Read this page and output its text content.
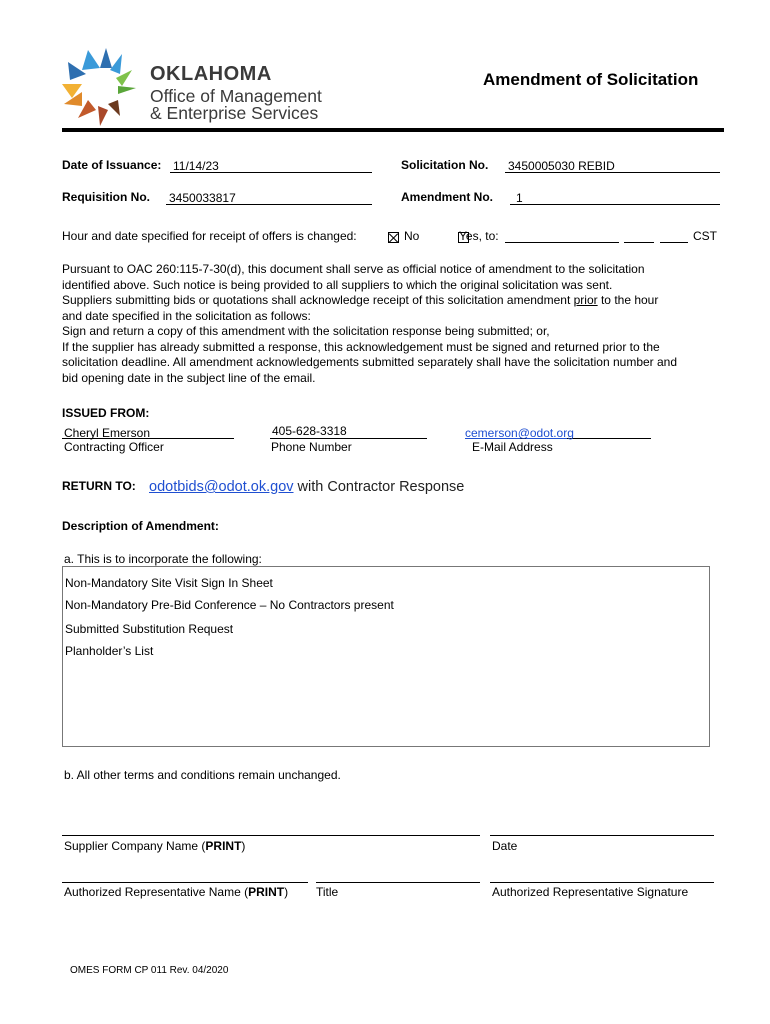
OKLAHOMA
Office of Management
& Enterprise Services
Amendment of Solicitation
Date of Issuance: 11/14/23	Solicitation No. 3450005030 REBID
Requisition No. 3450033817	Amendment No.	1
Hour and date specified for receipt of offers is changed:
	No	Yes, to:	CST

Pursuant to OAC 260:115-7-30(d), this document shall serve as official notice of amendment to the solicitation

identified above. Such notice is being provided to all suppliers to which the original solicitation was sent.

Suppliers submitting bids or quotations shall acknowledge receipt of this solicitation amendment prior to the hour

and date specified in the solicitation as follows:

Sign and return a copy of this amendment with the solicitation response being submitted; or,

If the supplier has already submitted a response, this acknowledgement must be signed and returned prior to the

solicitation deadline. All amendment acknowledgements submitted separately shall have the solicitation number and

bid opening date in the subject line of the email.

ISSUED FROM:
Cheryl Emerson
Contracting Officer
405-628-3318
Phone Number
cemerson@odot.org
E-Mail Address
RETURN TO: odotbids@odot.ok.gov with Contractor Response
Description of Amendment:
a. This is to incorporate the following:
Non-Mandatory Site Visit Sign In Sheet
Non-Mandatory Pre-Bid Conference – No Contractors present
Submitted Substitution Request
Planholder’s List
b. All other terms and conditions remain unchanged.
Supplier Company Name (PRINT)	Date
Authorized Representative Name (PRINT) Title	Authorized Representative Signature
OMES FORM CP 011 Rev. 04/2020
